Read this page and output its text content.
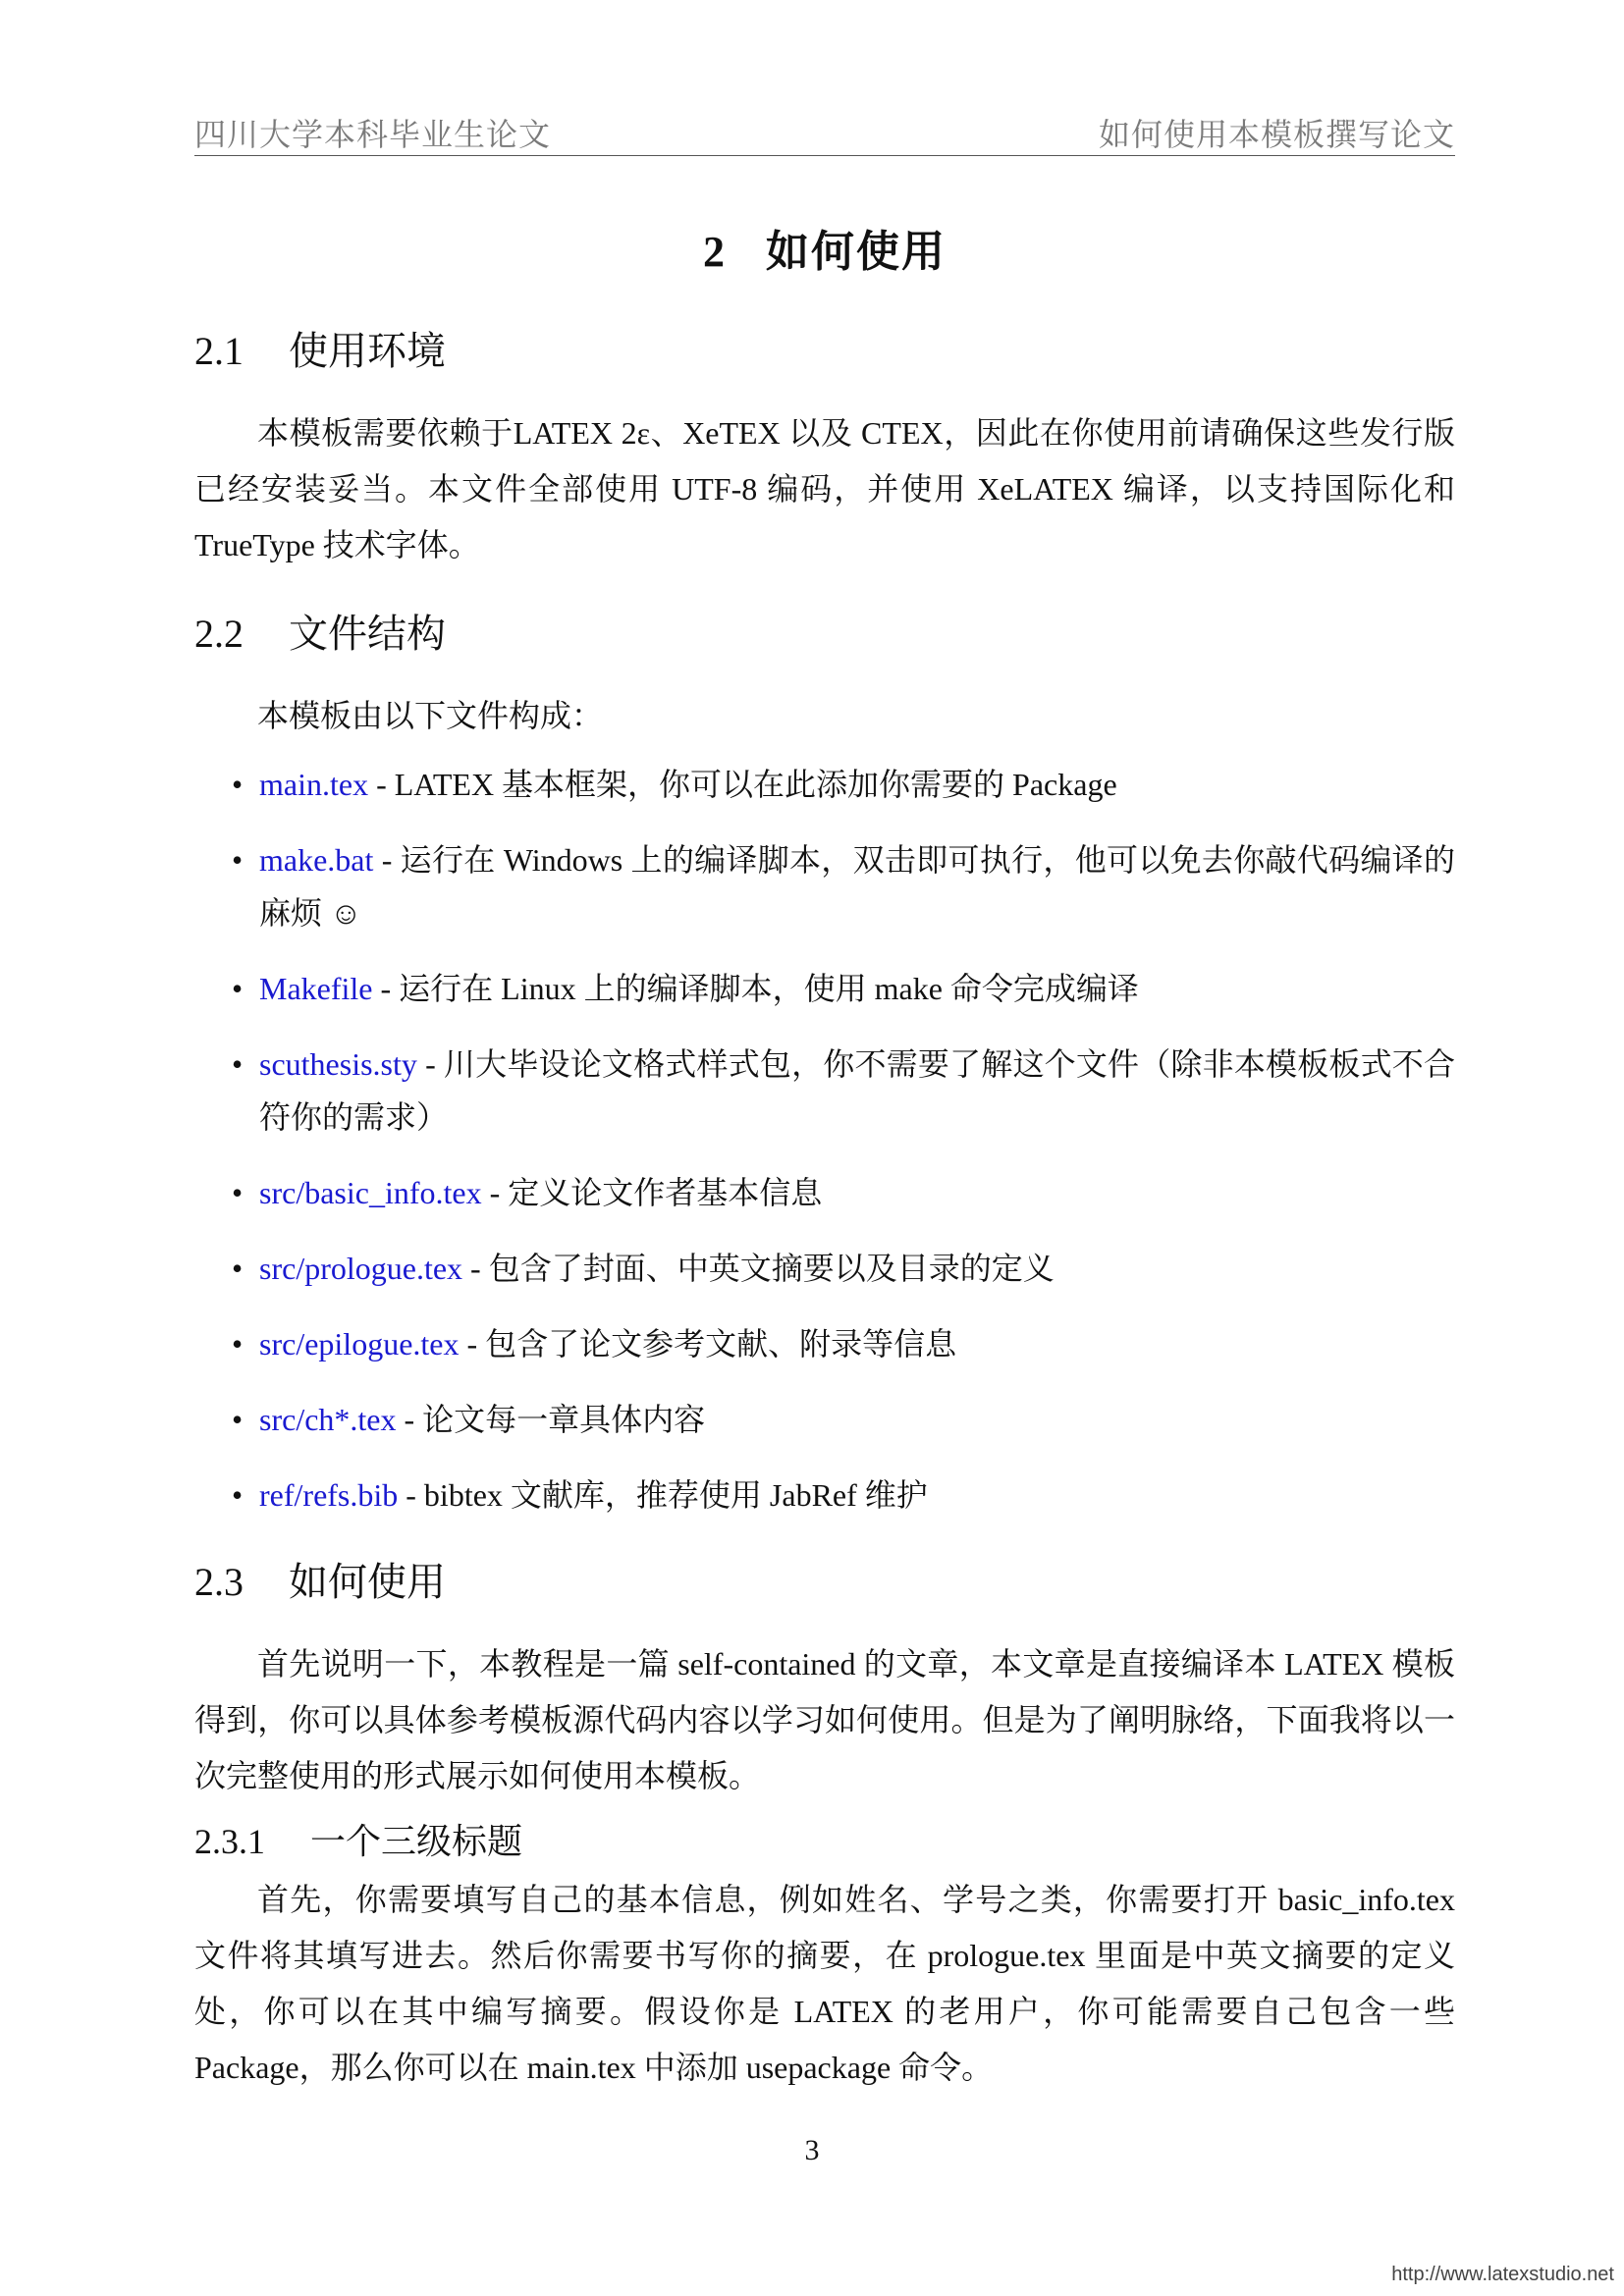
四川大学本科毕业生论文	如何使用本模板撰写论文
2 如何使用
2.1 使用环境

本模板需要依赖于LATEX 2ε、XeTEX 以及 CTEX，因此在你使用前请确保这些发行版已经安装妥当。本文件全部使用 UTF-8 编码，并使用 XeLATEX 编译，以支持国际化和 TrueType 技术字体。

2.2 文件结构

本模板由以下文件构成：

• main.tex - LATEX 基本框架，你可以在此添加你需要的 Package
• make.bat - 运行在 Windows 上的编译脚本，双击即可执行，他可以免去你敲代码编译的麻烦 ☺
• Makefile - 运行在 Linux 上的编译脚本，使用 make 命令完成编译
• scuthesis.sty - 川大毕设论文格式样式包，你不需要了解这个文件（除非本模板板式不合符你的需求）
• src/basic_info.tex - 定义论文作者基本信息
• src/prologue.tex - 包含了封面、中英文摘要以及目录的定义
• src/epilogue.tex - 包含了论文参考文献、附录等信息
• src/ch*.tex - 论文每一章具体内容
• ref/refs.bib - bibtex 文献库，推荐使用 JabRef 维护
2.3 如何使用

首先说明一下，本教程是一篇 self-contained 的文章，本文章是直接编译本 LATEX 模板得到，你可以具体参考模板源代码内容以学习如何使用。但是为了阐明脉络，下面我将以一次完整使用的形式展示如何使用本模板。

2.3.1 一个三级标题

首先，你需要填写自己的基本信息，例如姓名、学号之类，你需要打开 basic_info.tex 文件将其填写进去。然后你需要书写你的摘要，在 prologue.tex 里面是中英文摘要的定义处，你可以在其中编写摘要。假设你是 LATEX 的老用户，你可能需要自己包含一些 Package，那么你可以在 main.tex 中添加 usepackage 命令。

3
http://www.latexstudio.net
